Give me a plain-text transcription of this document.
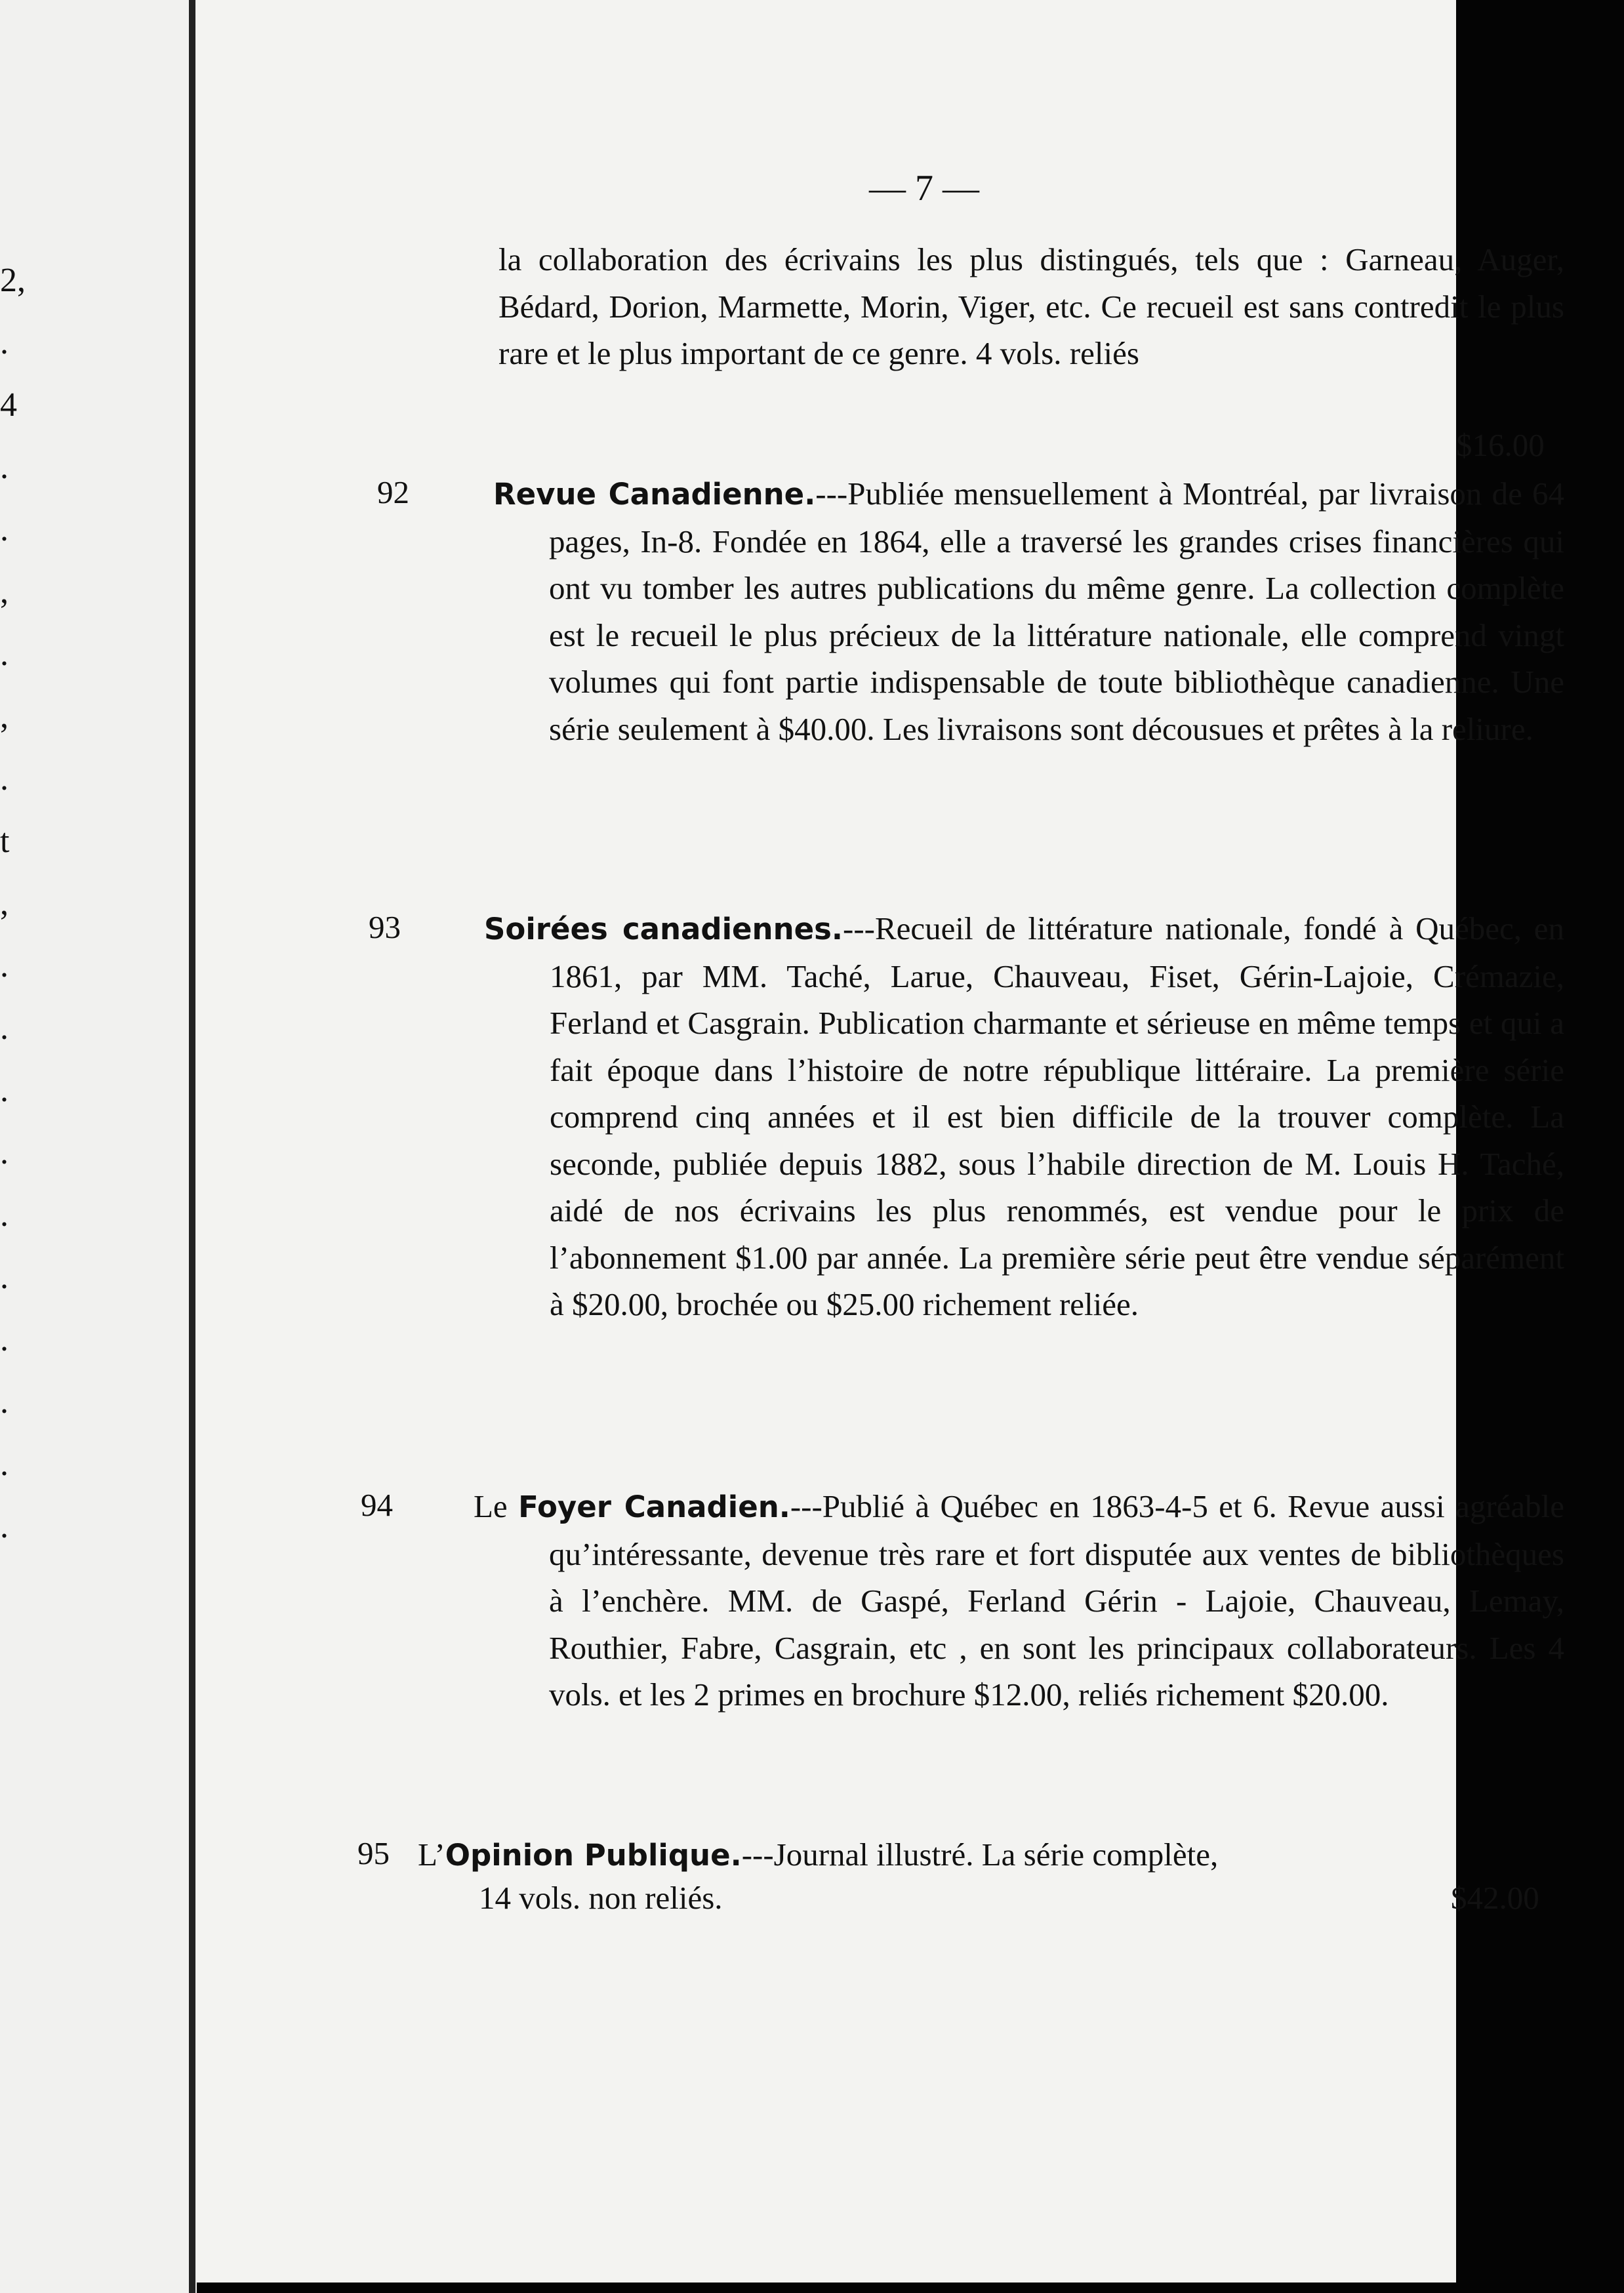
2,
.
4
.
.
,
.
,
.
t
,
.
.
.
.
.
.
.
.
.
.
— 7 —
la collaboration des écrivains les plus distingués, tels que : Garneau, Auger, Bédard, Dorion, Marmette, Morin, Viger, etc. Ce recueil est sans contredit le plus rare et le plus important de ce genre. 4 vols. reliés
$16.00
92	Revue Canadienne.---Publiée mensuellement à Montréal, par livraison de 64 pages, In-8. Fondée en 1864, elle a traversé les grandes crises financières qui ont vu tomber les autres publications du même genre. La collection complète est le recueil le plus précieux de la littérature nationale, elle comprend vingt volumes qui font partie indispensable de toute bibliothèque canadienne. Une série seulement à $40.00. Les livraisons sont décousues et prêtes à la reliure.
93	Soirées canadiennes.---Recueil de littérature nationale, fondé à Québec, en 1861, par MM. Taché, Larue, Chauveau, Fiset, Gérin-Lajoie, Crémazie, Ferland et Casgrain. Publication charmante et sérieuse en même temps et qui a fait époque dans l’histoire de notre république littéraire. La première série comprend cinq années et il est bien difficile de la trouver complète. La seconde, publiée depuis 1882, sous l’habile direction de M. Louis H. Taché, aidé de nos écrivains les plus renommés, est vendue pour le prix de l’abonnement $1.00 par année. La première série peut être vendue séparément à $20.00, brochée ou $25.00 richement reliée.
94	Le Foyer Canadien.---Publié à Québec en 1863-4-5 et 6. Revue aussi agréable qu’intéressante, devenue très rare et fort disputée aux ventes de bibliothèques à l’enchère. MM. de Gaspé, Ferland Gérin - Lajoie, Chauveau, Lemay, Routhier, Fabre, Casgrain, etc , en sont les principaux collaborateurs. Les 4 vols. et les 2 primes en brochure $12.00, reliés richement $20.00.
95 L’Opinion Publique.---Journal illustré. La série complète,
14 vols. non reliés.	$42.00
